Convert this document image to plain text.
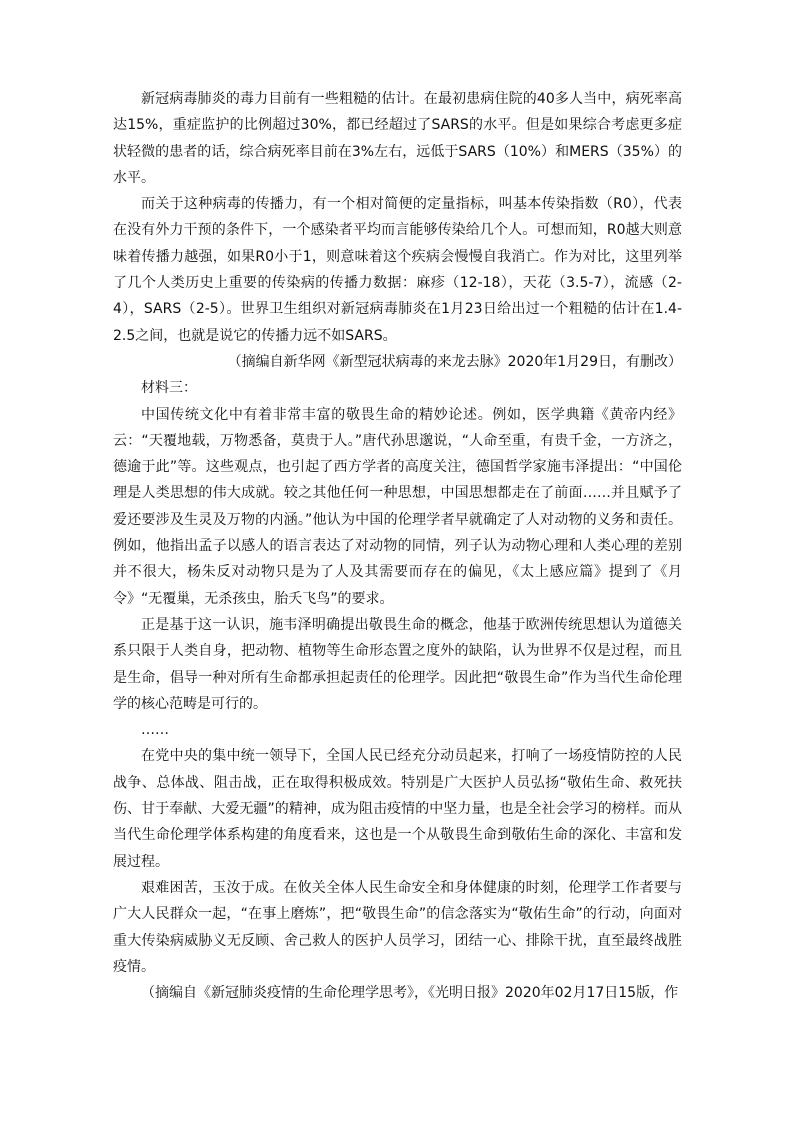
新冠病毒肺炎的毒力目前有一些粗糙的估计。在最初患病住院的40多人当中，病死率高达15%，重症监护的比例超过30%，都已经超过了SARS的水平。但是如果综合考虑更多症状轻微的患者的话，综合病死率目前在3%左右，远低于SARS（10%）和MERS（35%）的水平。

而关于这种病毒的传播力，有一个相对简便的定量指标，叫基本传染指数（R0），代表在没有外力干预的条件下，一个感染者平均而言能够传染给几个人。可想而知，R0越大则意味着传播力越强，如果R0小于1，则意味着这个疾病会慢慢自我消亡。作为对比，这里列举了几个人类历史上重要的传染病的传播力数据：麻疹（12-18），天花（3.5-7），流感（2-4），SARS（2-5）。世界卫生组织对新冠病毒肺炎在1月23日给出过一个粗糙的估计在1.4-2.5之间，也就是说它的传播力远不如SARS。

（摘编自新华网《新型冠状病毒的来龙去脉》2020年1月29日，有删改）

材料三：

中国传统文化中有着非常丰富的敬畏生命的精妙论述。例如，医学典籍《黄帝内经》云：“天覆地载，万物悉备，莫贵于人。”唐代孙思邈说，“人命至重，有贵千金，一方济之，德逾于此”等。这些观点，也引起了西方学者的高度关注，德国哲学家施韦泽提出：“中国伦理是人类思想的伟大成就。较之其他任何一种思想，中国思想都走在了前面……并且赋予了爱还要涉及生灵及万物的内涵。”他认为中国的伦理学者早就确定了人对动物的义务和责任。例如，他指出孟子以感人的语言表达了对动物的同情，列子认为动物心理和人类心理的差别并不很大，杨朱反对动物只是为了人及其需要而存在的偏见，《太上感应篇》提到了《月令》“无覆巢，无杀孩虫，胎夭飞鸟”的要求。

正是基于这一认识，施韦泽明确提出敬畏生命的概念，他基于欧洲传统思想认为道德关系只限于人类自身，把动物、植物等生命形态置之度外的缺陷，认为世界不仅是过程，而且是生命，倡导一种对所有生命都承担起责任的伦理学。因此把“敬畏生命”作为当代生命伦理学的核心范畴是可行的。

……

在党中央的集中统一领导下，全国人民已经充分动员起来，打响了一场疫情防控的人民战争、总体战、阻击战，正在取得积极成效。特别是广大医护人员弘扬“敬佑生命、救死扶伤、甘于奉献、大爱无疆”的精神，成为阻击疫情的中坚力量，也是全社会学习的榜样。而从当代生命伦理学体系构建的角度看来，这也是一个从敬畏生命到敬佑生命的深化、丰富和发展过程。

艰难困苦，玉汝于成。在攸关全体人民生命安全和身体健康的时刻，伦理学工作者要与广大人民群众一起，“在事上磨炼”，把“敬畏生命”的信念落实为“敬佑生命”的行动，向面对重大传染病威胁义无反顾、舍己救人的医护人员学习，团结一心、排除干扰，直至最终战胜疫情。

（摘编自《新冠肺炎疫情的生命伦理学思考》，《光明日报》2020年02月17日15版，作
